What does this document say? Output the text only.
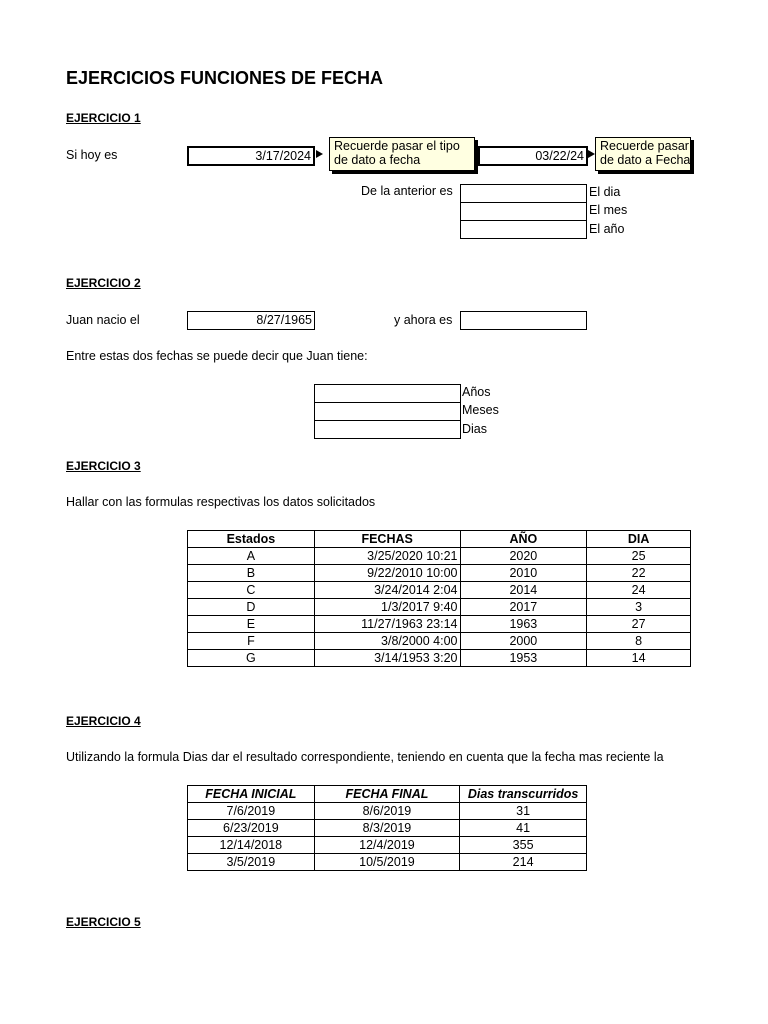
EJERCICIOS FUNCIONES DE FECHA
EJERCICIO 1
Si hoy es	3/17/2024
Recuerde pasar el tipo
de dato a fecha	03/22/24
Recuerde pasar
de dato a Fecha
De la anterior es	El dia
El mes
El año
EJERCICIO 2
Juan nacio el	8/27/1965	y ahora es
Entre estas dos fechas se puede decir que Juan tiene:
Años
Meses
Dias
EJERCICIO 3
Hallar con las formulas respectivas los datos solicitados
Estados	FECHAS	AÑO	DIA
A	3/25/2020 10:21	2020	25
B	9/22/2010 10:00	2010	22
C	3/24/2014 2:04	2014	24
D	1/3/2017 9:40	2017	3
E	11/27/1963 23:14	1963	27
F	3/8/2000 4:00	2000	8
G	3/14/1953 3:20	1953	14
EJERCICIO 4
Utilizando la formula Dias dar el resultado correspondiente, teniendo en cuenta que la fecha mas reciente la
FECHA INICIAL	FECHA FINAL	Dias transcurridos
7/6/2019	8/6/2019	31
6/23/2019	8/3/2019	41
12/14/2018	12/4/2019	355
3/5/2019	10/5/2019	214
EJERCICIO 5
